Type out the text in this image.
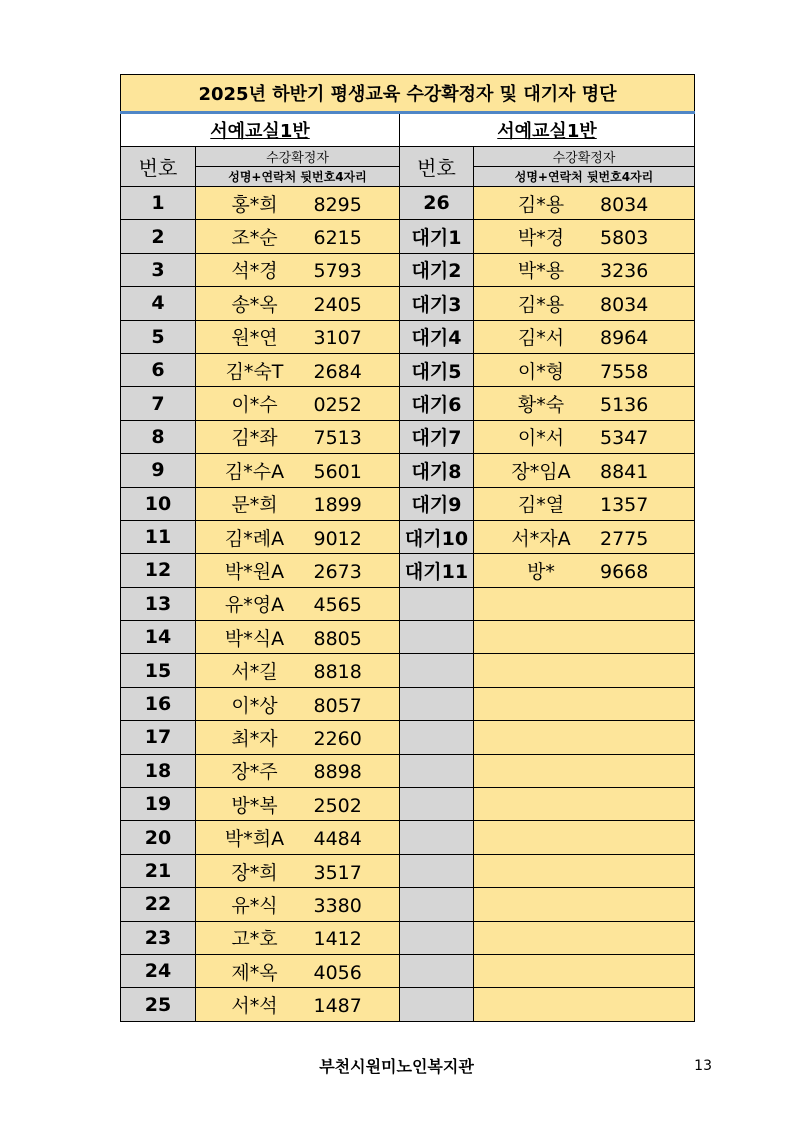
2025년 하반기 평생교육 수강확정자 및 대기자 명단			
서예교실1반		서예교실1반	
번호	수강확정자	번호	수강확정자
	성명+연락처 뒷번호4자리		성명+연락처 뒷번호4자리
1	홍*희 8295	26	김*용 8034
2	조*순 6215	대기1	박*경 5803
3	석*경 5793	대기2	박*용 3236
4	송*옥 2405	대기3	김*용 8034
5	원*연 3107	대기4	김*서 8964
6	김*숙T 2684	대기5	이*형 7558
7	이*수 0252	대기6	황*숙 5136
8	김*좌 7513	대기7	이*서 5347
9	김*수A 5601	대기8	장*임A 8841
10	문*희 1899	대기9	김*열 1357
11	김*례A 9012	대기10	서*자A 2775
12	박*원A 2673	대기11	방* 9668
13	유*영A 4565		
14	박*식A 8805		
15	서*길 8818		
16	이*상 8057		
17	최*자 2260		
18	장*주 8898		
19	방*복 2502		
20	박*희A 4484		
21	장*희 3517		
22	유*식 3380		
23	고*호 1412		
24	제*옥 4056		
25	서*석 1487		
부천시원미노인복지관	13
